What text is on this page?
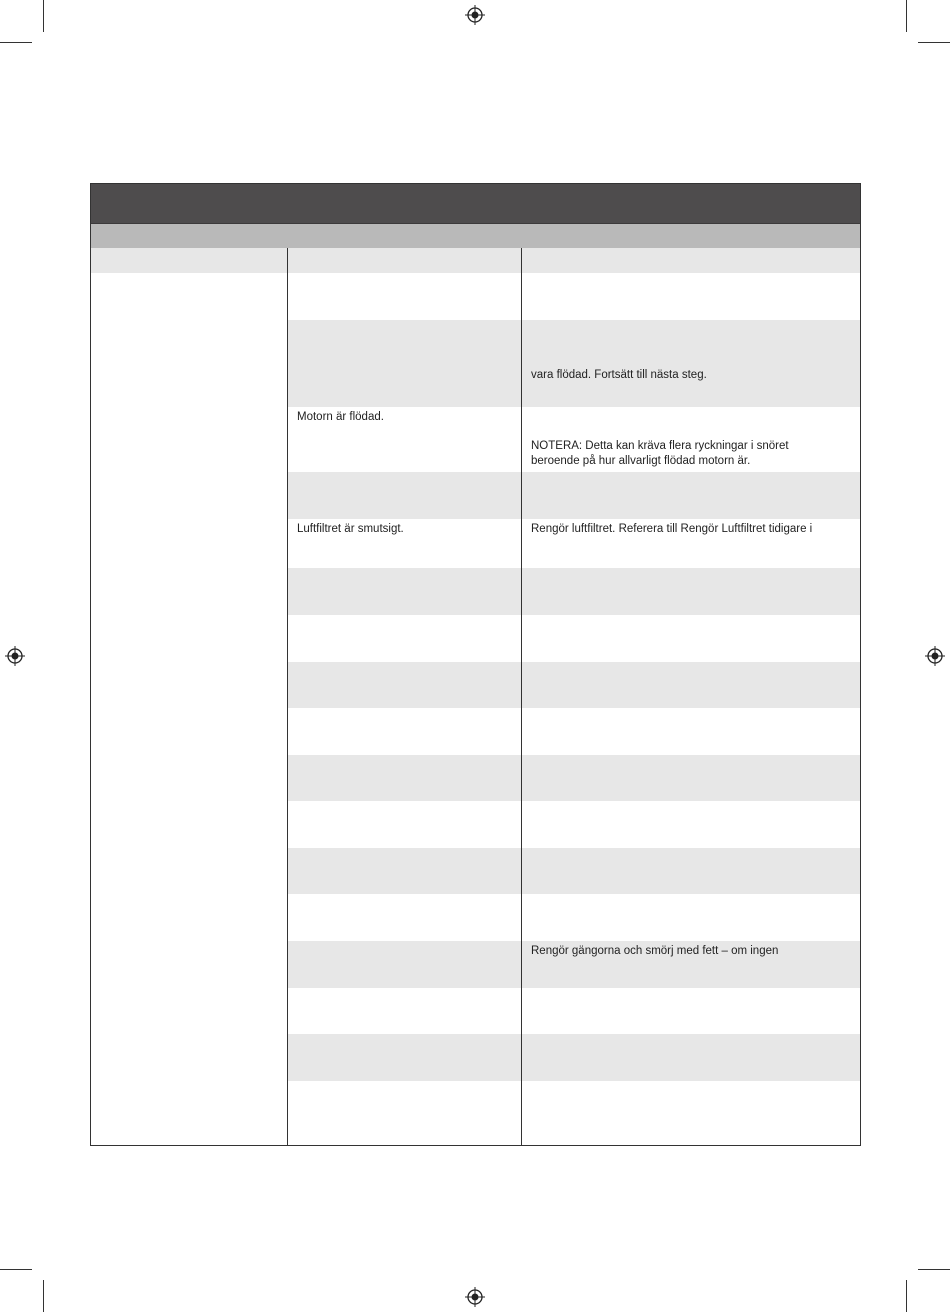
vara flödad. Fortsätt till nästa steg.
Motorn är flödad.
NOTERA: Detta kan kräva flera ryckningar i snöret
beroende på hur allvarligt flödad motorn är.
Luftfiltret är smutsigt.	Rengör luftfiltret. Referera till Rengör Luftfiltret tidigare i
Rengör gängorna och smörj med fett – om ingen
